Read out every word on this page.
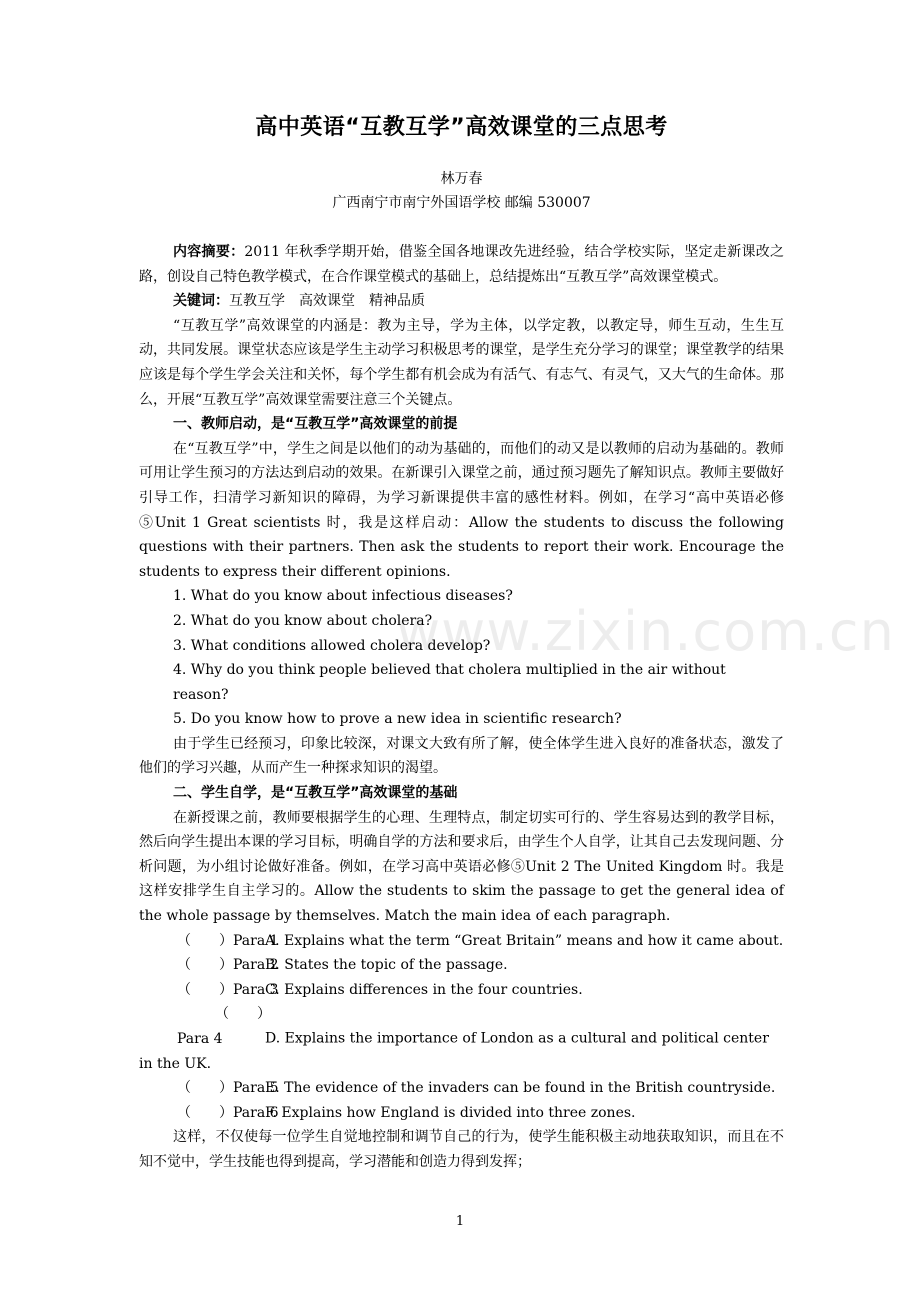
www.zixin.com.cn
高中英语“互教互学”高效课堂的三点思考
林万春
广西南宁市南宁外国语学校 邮编 530007

内容摘要：2011 年秋季学期开始，借鉴全国各地课改先进经验，结合学校实际，坚定走新课改之路，创设自己特色教学模式，在合作课堂模式的基础上，总结提炼出“互教互学”高效课堂模式。

关键词：互教互学　高效课堂　精神品质

“互教互学”高效课堂的内涵是：教为主导，学为主体，以学定教，以教定导，师生互动，生生互动，共同发展。课堂状态应该是学生主动学习积极思考的课堂，是学生充分学习的课堂；课堂教学的结果应该是每个学生学会关注和关怀，每个学生都有机会成为有活气、有志气、有灵气，又大气的生命体。那么，开展“互教互学”高效课堂需要注意三个关键点。

一、教师启动，是“互教互学”高效课堂的前提

在“互教互学”中，学生之间是以他们的动为基础的，而他们的动又是以教师的启动为基础的。教师可用让学生预习的方法达到启动的效果。在新课引入课堂之前，通过预习题先了解知识点。教师主要做好引导工作，扫清学习新知识的障碍，为学习新课提供丰富的感性材料。例如，在学习“高中英语必修⑤Unit 1 Great scientists 时，我是这样启动：Allow the students to discuss the following questions with their partners. Then ask the students to report their work. Encourage the students to express their different opinions.

1. What do you know about infectious diseases?

2. What do you know about cholera?

3. What conditions allowed cholera develop?

4. Why do you think people believed that cholera multiplied in the air without reason?

5. Do you know how to prove a new idea in scientific research?

由于学生已经预习，印象比较深，对课文大致有所了解，使全体学生进入良好的准备状态，激发了他们的学习兴趣，从而产生一种探求知识的渴望。

二、学生自学，是“互教互学”高效课堂的基础

在新授课之前，教师要根据学生的心理、生理特点，制定切实可行的、学生容易达到的教学目标，然后向学生提出本课的学习目标，明确自学的方法和要求后，由学生个人自学，让其自己去发现问题、分析问题，为小组讨论做好准备。例如，在学习高中英语必修⑤Unit 2 The United Kingdom 时。我是这样安排学生自主学习的。Allow the students to skim the passage to get the general idea of the whole passage by themselves. Match the main idea of each paragraph.

（　　）Para 1A. Explains what the term “Great Britain” means and how it came about.

（　　）Para 2B. States the topic of the passage.

（　　）Para 3C. Explains differences in the four countries.

（　　）Para 4	D. Explains the importance of London as a cultural and political center in the UK.

（　　）Para 5E. The evidence of the invaders can be found in the British countryside.

（　　）Para 6F. Explains how England is divided into three zones.

这样，不仅使每一位学生自觉地控制和调节自己的行为，使学生能积极主动地获取知识，而且在不知不觉中，学生技能也得到提高，学习潜能和创造力得到发挥；

1
